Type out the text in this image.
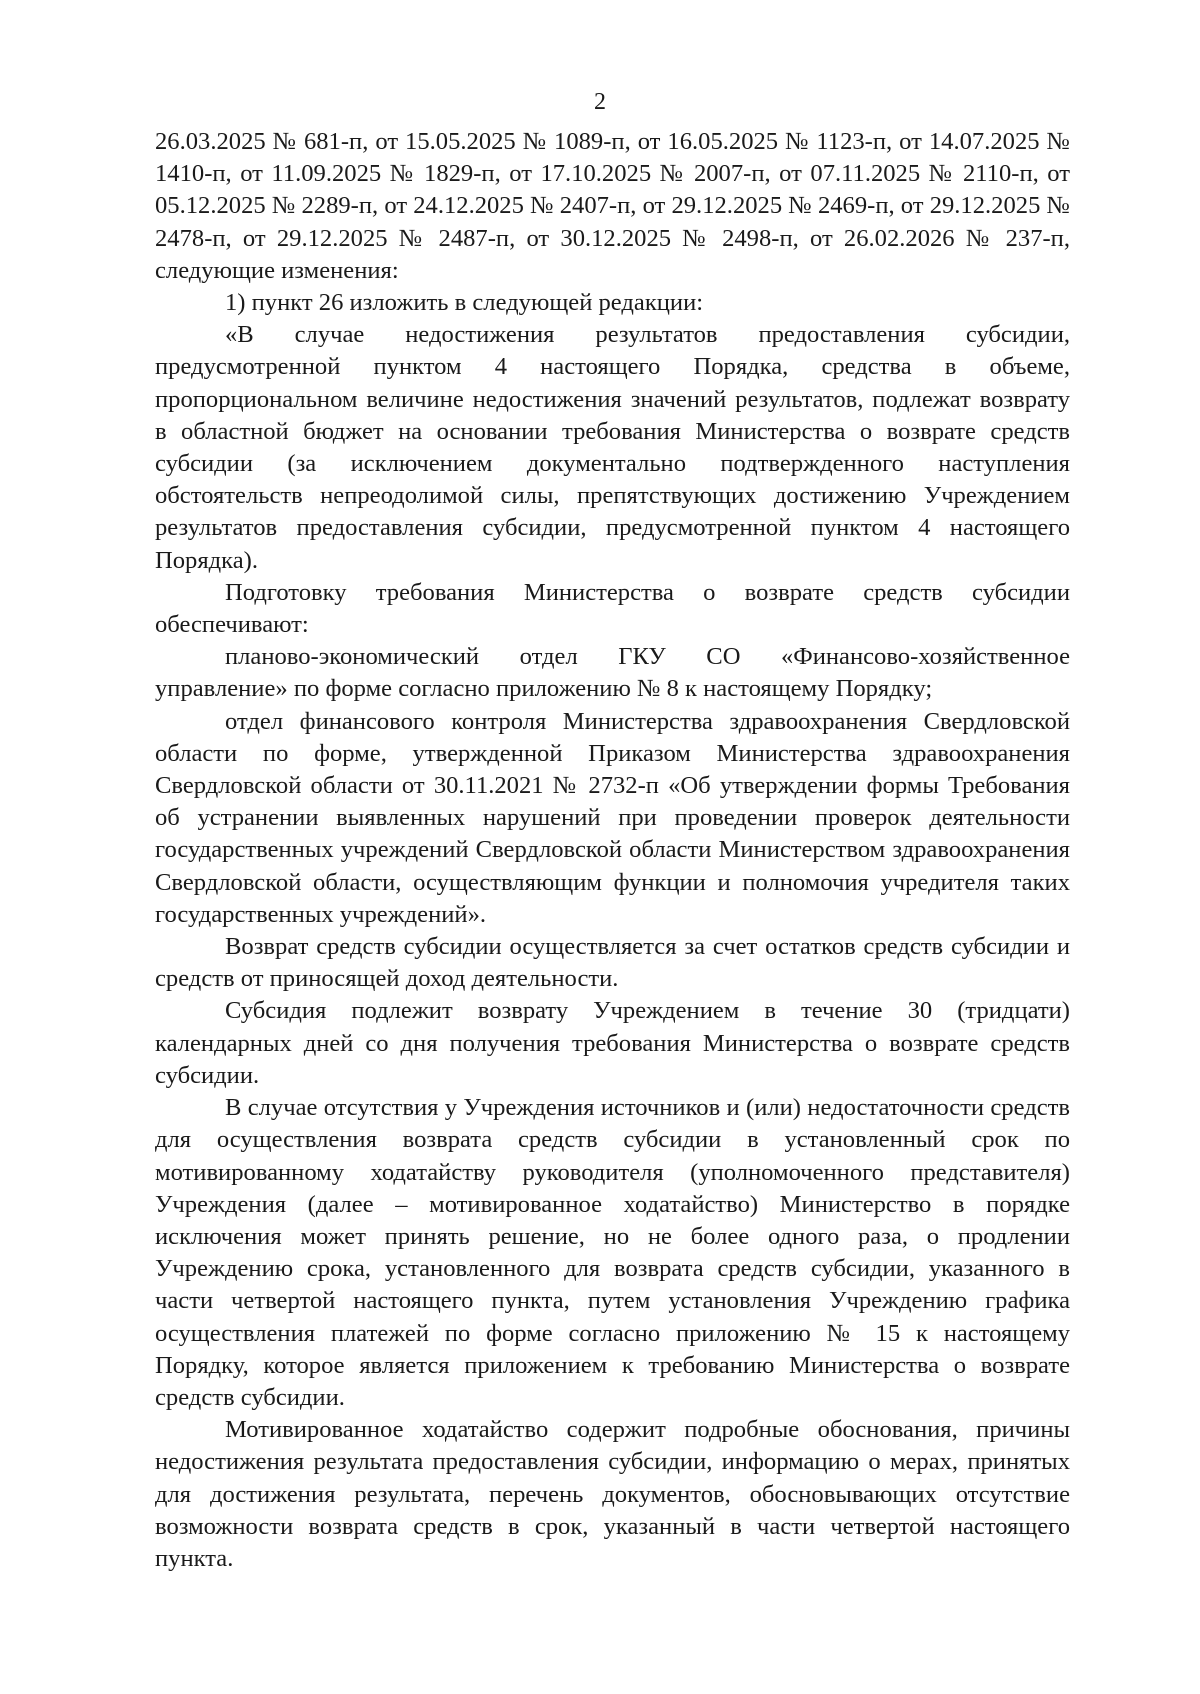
2

26.03.2025 № 681-п, от 15.05.2025 № 1089-п, от 16.05.2025 № 1123-п, от 14.07.2025 № 1410-п, от 11.09.2025 № 1829-п, от 17.10.2025 № 2007-п, от 07.11.2025 № 2110-п, от 05.12.2025 № 2289-п, от 24.12.2025 № 2407-п, от 29.12.2025 № 2469-п, от 29.12.2025 № 2478-п, от 29.12.2025 № 2487-п, от 30.12.2025 № 2498-п, от 26.02.2026 № 237-п, следующие изменения:

1) пункт 26 изложить в следующей редакции:

«В случае недостижения результатов предоставления субсидии, предусмотренной пунктом 4 настоящего Порядка, средства в объеме, пропорциональном величине недостижения значений результатов, подлежат возврату в областной бюджет на основании требования Министерства о возврате средств субсидии (за исключением документально подтвержденного наступления обстоятельств непреодолимой силы, препятствующих достижению Учреждением результатов предоставления субсидии, предусмотренной пунктом 4 настоящего Порядка).

Подготовку требования Министерства о возврате средств субсидии обеспечивают:

планово-экономический отдел ГКУ СО «Финансово-хозяйственное управление» по форме согласно приложению № 8 к настоящему Порядку;

отдел финансового контроля Министерства здравоохранения Свердловской области по форме, утвержденной Приказом Министерства здравоохранения Свердловской области от 30.11.2021 № 2732-п «Об утверждении формы Требования об устранении выявленных нарушений при проведении проверок деятельности государственных учреждений Свердловской области Министерством здравоохранения Свердловской области, осуществляющим функции и полномочия учредителя таких государственных учреждений».

Возврат средств субсидии осуществляется за счет остатков средств субсидии и средств от приносящей доход деятельности.

Субсидия подлежит возврату Учреждением в течение 30 (тридцати) календарных дней со дня получения требования Министерства о возврате средств субсидии.

В случае отсутствия у Учреждения источников и (или) недостаточности средств для осуществления возврата средств субсидии в установленный срок по мотивированному ходатайству руководителя (уполномоченного представителя) Учреждения (далее – мотивированное ходатайство) Министерство в порядке исключения может принять решение, но не более одного раза, о продлении Учреждению срока, установленного для возврата средств субсидии, указанного в части четвертой настоящего пункта, путем установления Учреждению графика осуществления платежей по форме согласно приложению № 15 к настоящему Порядку, которое является приложением к требованию Министерства о возврате средств субсидии.

Мотивированное ходатайство содержит подробные обоснования, причины недостижения результата предоставления субсидии, информацию о мерах, принятых для достижения результата, перечень документов, обосновывающих отсутствие возможности возврата средств в срок, указанный в части четвертой настоящего пункта.
